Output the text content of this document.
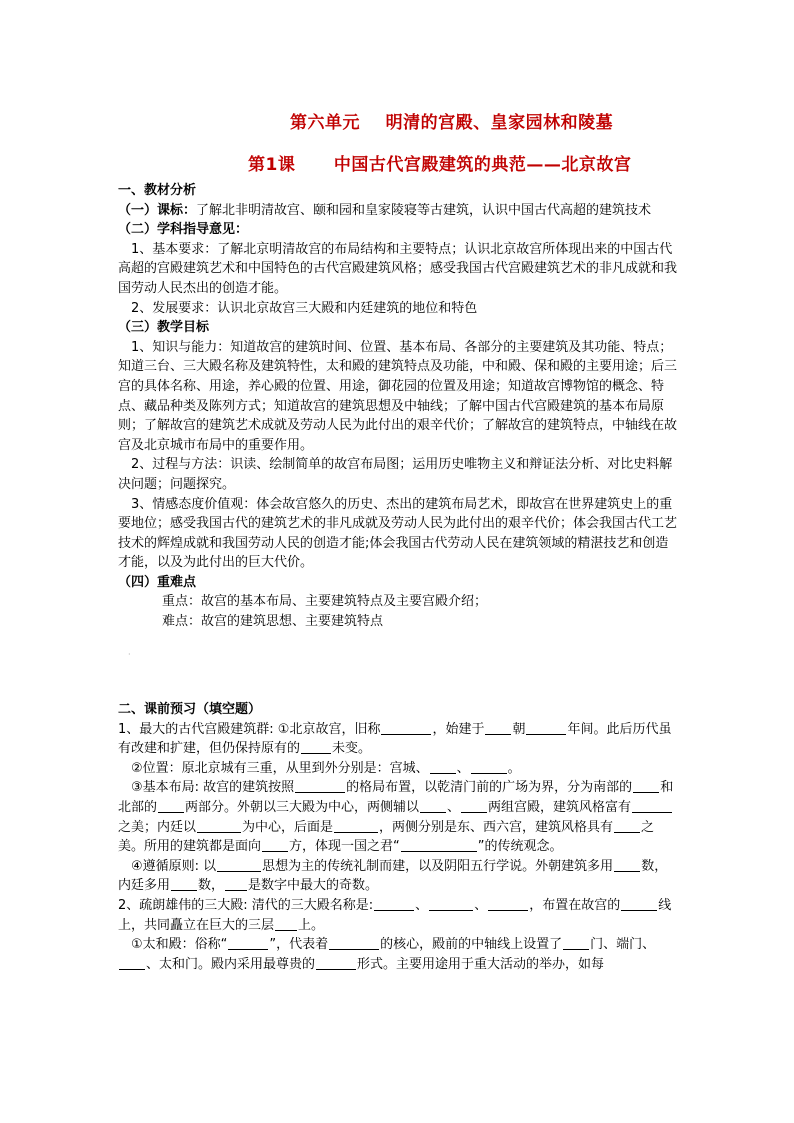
第六单元    明清的宫殿、皇家园林和陵墓
第1课      中国古代宫殿建筑的典范——北京故宫

一、教材分析

（一）课标：了解北非明清故宫、颐和园和皇家陵寝等古建筑，认识中国古代高超的建筑技术

（二）学科指导意见：

1、基本要求：了解北京明清故宫的布局结构和主要特点；认识北京故宫所体现出来的中国古代高超的宫殿建筑艺术和中国特色的古代宫殿建筑风格；感受我国古代宫殿建筑艺术的非凡成就和我国劳动人民杰出的创造才能。

2、发展要求：认识北京故宫三大殿和内廷建筑的地位和特色

（三）教学目标

1、知识与能力：知道故宫的建筑时间、位置、基本布局、各部分的主要建筑及其功能、特点；知道三台、三大殿名称及建筑特性，太和殿的建筑特点及功能，中和殿、保和殿的主要用途；后三宫的具体名称、用途，养心殿的位置、用途，御花园的位置及用途；知道故宫博物馆的概念、特点、藏品种类及陈列方式；知道故宫的建筑思想及中轴线；了解中国古代宫殿建筑的基本布局原则；了解故宫的建筑艺术成就及劳动人民为此付出的艰辛代价；了解故宫的建筑特点，中轴线在故宫及北京城市布局中的重要作用。

2、过程与方法：识读、绘制简单的故宫布局图；运用历史唯物主义和辩证法分析、对比史料解决问题；问题探究。

3、情感态度价值观：体会故宫悠久的历史、杰出的建筑布局艺术，即故宫在世界建筑史上的重要地位；感受我国古代的建筑艺术的非凡成就及劳动人民为此付出的艰辛代价；体会我国古代工艺技术的辉煌成就和我国劳动人民的创造才能;体会我国古代劳动人民在建筑领域的精湛技艺和创造才能，以及为此付出的巨大代价。

（四）重难点

重点：故宫的基本布局、主要建筑特点及主要宫殿介绍；

难点：故宫的建筑思想、主要建筑特点

·

二、课前预习（填空题）

1、最大的古代宫殿建筑群: ①北京故宫，旧称	，始建于 朝	年间。此后历代虽有改建和扩建，但仍保持原有的 未变。

②位置：原北京城有三重，从里到外分别是：宫城、 、	。

③基本布局: 故宫的建筑按照	的格局布置，以乾清门前的广场为界，分为南部的 和北部的 两部分。外朝以三大殿为中心，两侧辅以 、 两组宫殿，建筑风格富有之美；内廷以	为中心，后面是	，两侧分别是东、西六宫，建筑风格具有 之美。所用的建筑都是面向 方，体现一国之君“	”的传统观念。

④遵循原则: 以	思想为主的传统礼制而建，以及阴阳五行学说。外朝建筑多用 数，内廷多用 数， 是数字中最大的奇数。

2、疏朗雄伟的三大殿: 清代的三大殿名称是:	、	、	，布置在故宫的	线上，共同矗立在巨大的三层 上。

①太和殿：俗称“	”，代表着	的核心，殿前的中轴线上设置了 门、端门、、太和门。殿内采用最尊贵的	形式。主要用途用于重大活动的举办，如每
